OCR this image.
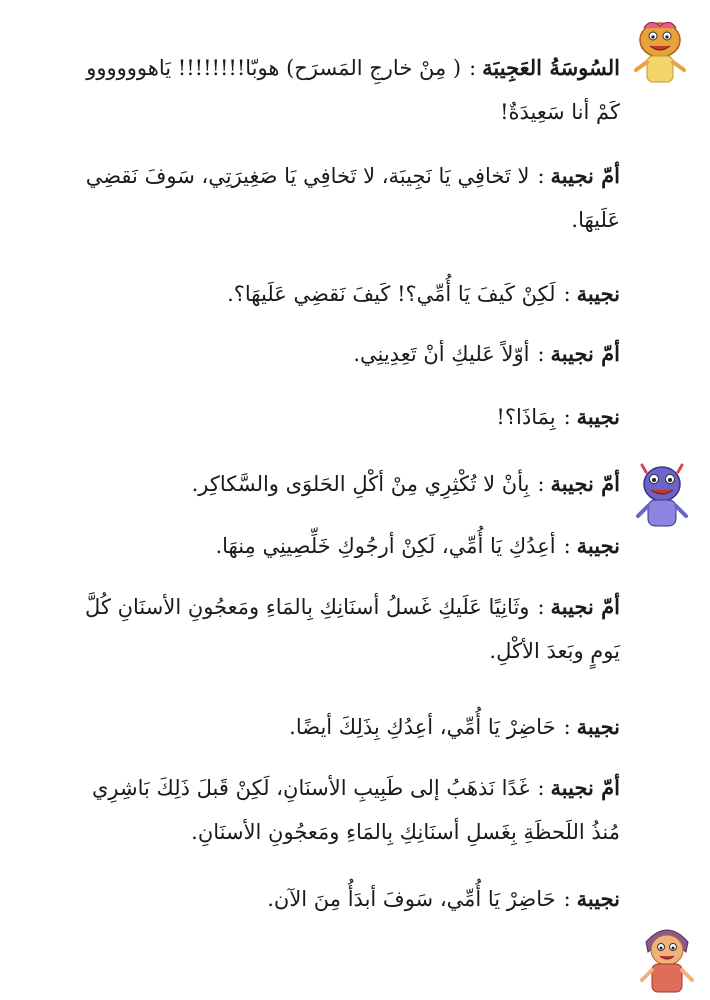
السُوسَةُ العَجِيبَة:( مِنْ خارجِ المَسرَح) هوبّا!!!!!!!! يَاهوووووو كَمْ أنا سَعِيدَةٌ!
أمّ نجيبة:لا تَخافِي يَا نَجِيبَة، لا تَخافِي يَا صَغِيرَتِي، سَوفَ نَقضِي عَلَيهَا.
نجيبة:لَكِنْ كَيفَ يَا أُمِّي؟! كَيفَ نَقضِي عَلَيهَا؟.
أمّ نجيبة:أوّلاً عَليكِ أنْ تَعِدِينِي.
نجيبة:بِمَاذَا؟!
أمّ نجيبة:بِأنْ لا تُكْثِرِي مِنْ أكْلِ الحَلوَى والسَّكاكِر.
نجيبة:أعِدُكِ يَا أُمِّي، لَكِنْ أرجُوكِ خَلِّصِينِي مِنهَا.
أمّ نجيبة:وثَانِيًا عَلَيكِ غَسلُ أسنَانِكِ بِالمَاءِ ومَعجُونِ الأسنَانِ كُلَّ يَومٍ وبَعدَ الأكْلِ.
نجيبة:حَاضِرْ يَا أُمِّي، أعِدُكِ بِذَلِكَ أيضًا.
أمّ نجيبة:غَدًا نَذهَبُ إلى طَبِيبِ الأسنَانِ، لَكِنْ قَبلَ ذَلِكَ بَاشِرِي مُنذُ اللَحظَةِ بِغَسلِ أسنَانِكِ بِالمَاءِ ومَعجُونِ الأسنَانِ.
نجيبة:حَاضِرْ يَا أُمِّي، سَوفَ أبدَأُ مِنَ الآن.
